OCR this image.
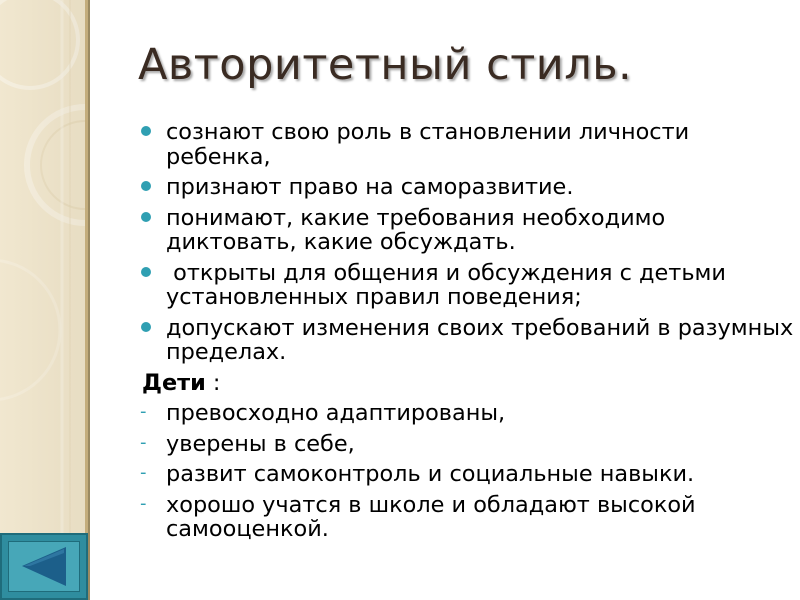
Авторитетный стиль.
сознают свою роль в становлении личности ребенка,
признают право на саморазвитие.
понимают, какие требования необходимо диктовать, какие обсуждать.
открыты для общения и обсуждения с детьми установленных правил поведения;
допускают изменения своих требований в разумных пределах.
Дети :
- превосходно адаптированы,
- уверены в себе,
- развит самоконтроль и социальные навыки.
- хорошо учатся в школе и обладают высокой самооценкой.
